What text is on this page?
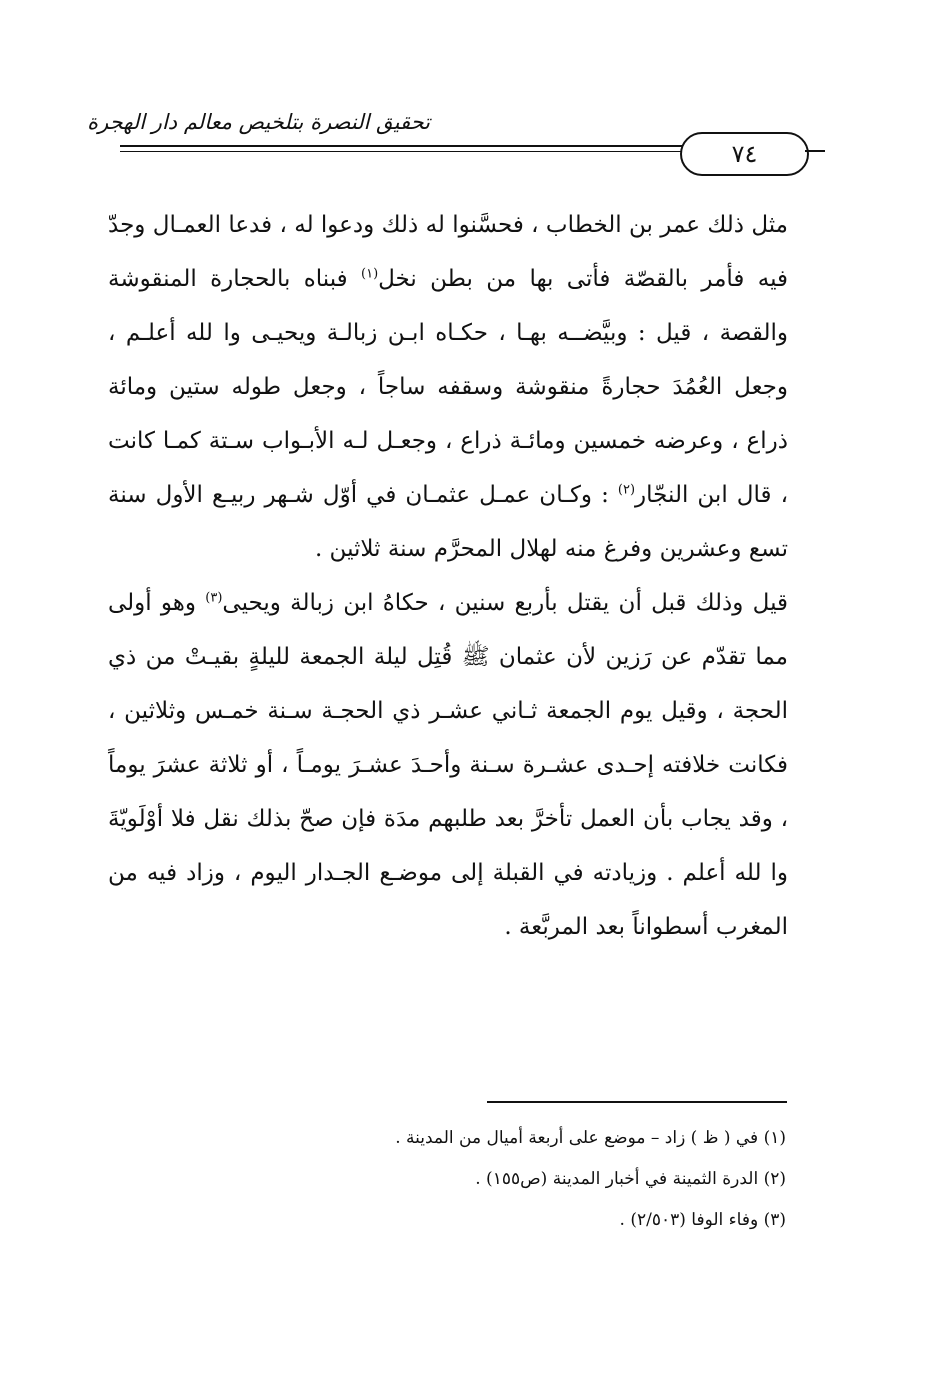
تحقيق النصرة بتلخيص معالم دار الهجرة
٧٤

مثل ذلك عمر بن الخطاب ، فحسَّنوا له ذلك ودعوا له ، فدعا العمـال وجدّ فيه فأمر بالقصّة فأتى بها من بطن نخل$^{(١)}$ فبناه بالحجارة المنقوشة والقصة ، قيل : وبيَّضــه بهـا ، حكـاه ابـن زبالـة ويحيـى وا لله أعلـم ، وجعل العُمُدَ حجارةً منقوشة وسقفه ساجاً ، وجعل طوله ستين ومائة ذراع ، وعرضه خمسين ومائـة ذراع ، وجعـل لـه الأبـواب سـتة كمـا كانت ، قال ابن النجّار$^{(٢)}$ : وكـان عمـل عثمـان في أوّل شـهر ربيـع الأول سنة تسع وعشرين وفرغ منه لهلال المحرَّم سنة ثلاثين .

قيل وذلك قبل أن يقتل بأربع سنين ، حكاهُ ابن زبالة ويحيى$^{(٣)}$ وهو أولى مما تقدّم عن رَزين لأن عثمان ﷺ قُتِل ليلة الجمعة لليلةٍ بقيـتْ من ذي الحجة ، وقيل يوم الجمعة ثـاني عشـر ذي الحجـة سـنة خمـس وثلاثين ، فكانت خلافته إحـدى عشـرة سـنة وأحـدَ عشـرَ يومـاً ، أو ثلاثة عشرَ يوماً ، وقد يجاب بأن العمل تأخرَّ بعد طلبهم مدَة فإن صحّ بذلك نقل فلا أوْلَويّةَ وا لله أعلم . وزيادته في القبلة إلى موضـع الجـدار اليوم ، وزاد فيه من المغرب أسطواناً بعد المربَّعة .

(١) في ( ظ ) زاد – موضع على أربعة أميال من المدينة .

(٢) الدرة الثمينة في أخبار المدينة (ص١٥٥) .

(٣) وفاء الوفا (٢/٥٠٣) .
